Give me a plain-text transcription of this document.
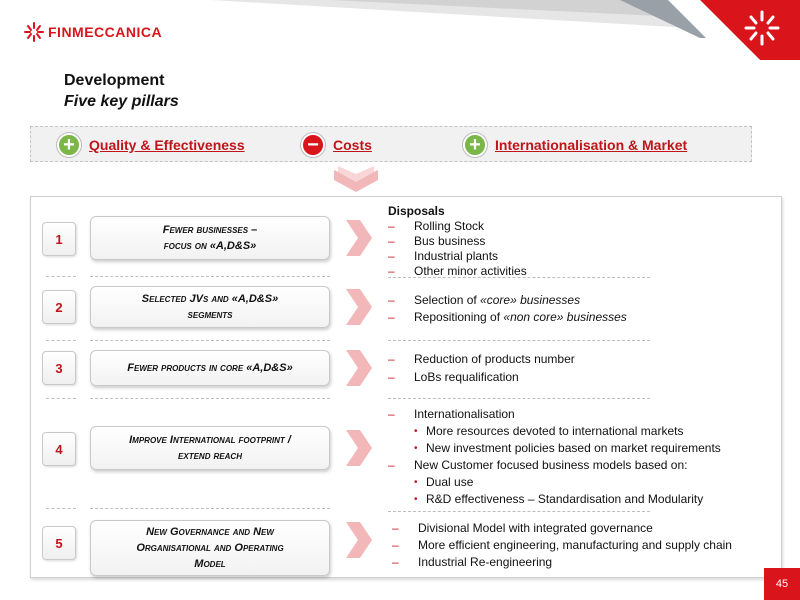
FINMECCANICA
Development
Five key pillars
+	Quality & Effectiveness	−	Costs	+	Internationalisation & Market
1
Fewer businesses –
focus on «A,D&S»
Disposals
– Rolling Stock
– Bus business
– Industrial plants
– Other minor activities
2
Selected JVs and «A,D&S»
segments
– Selection of «core» businesses
– Repositioning of «non core» businesses
3	Fewer products in core «A,D&S»
– Reduction of products number
– LoBs requalification
4
Improve International footprint /
extend reach
– Internationalisation
• More resources devoted to international markets
• New investment policies based on market requirements
– New Customer focused business models based on:
• Dual use
• R&D effectiveness – Standardisation and Modularity
5
New Governance and New
Organisational and Operating
Model
– Divisional Model with integrated governance
– More efficient engineering, manufacturing and supply chain
– Industrial Re-engineering
45
